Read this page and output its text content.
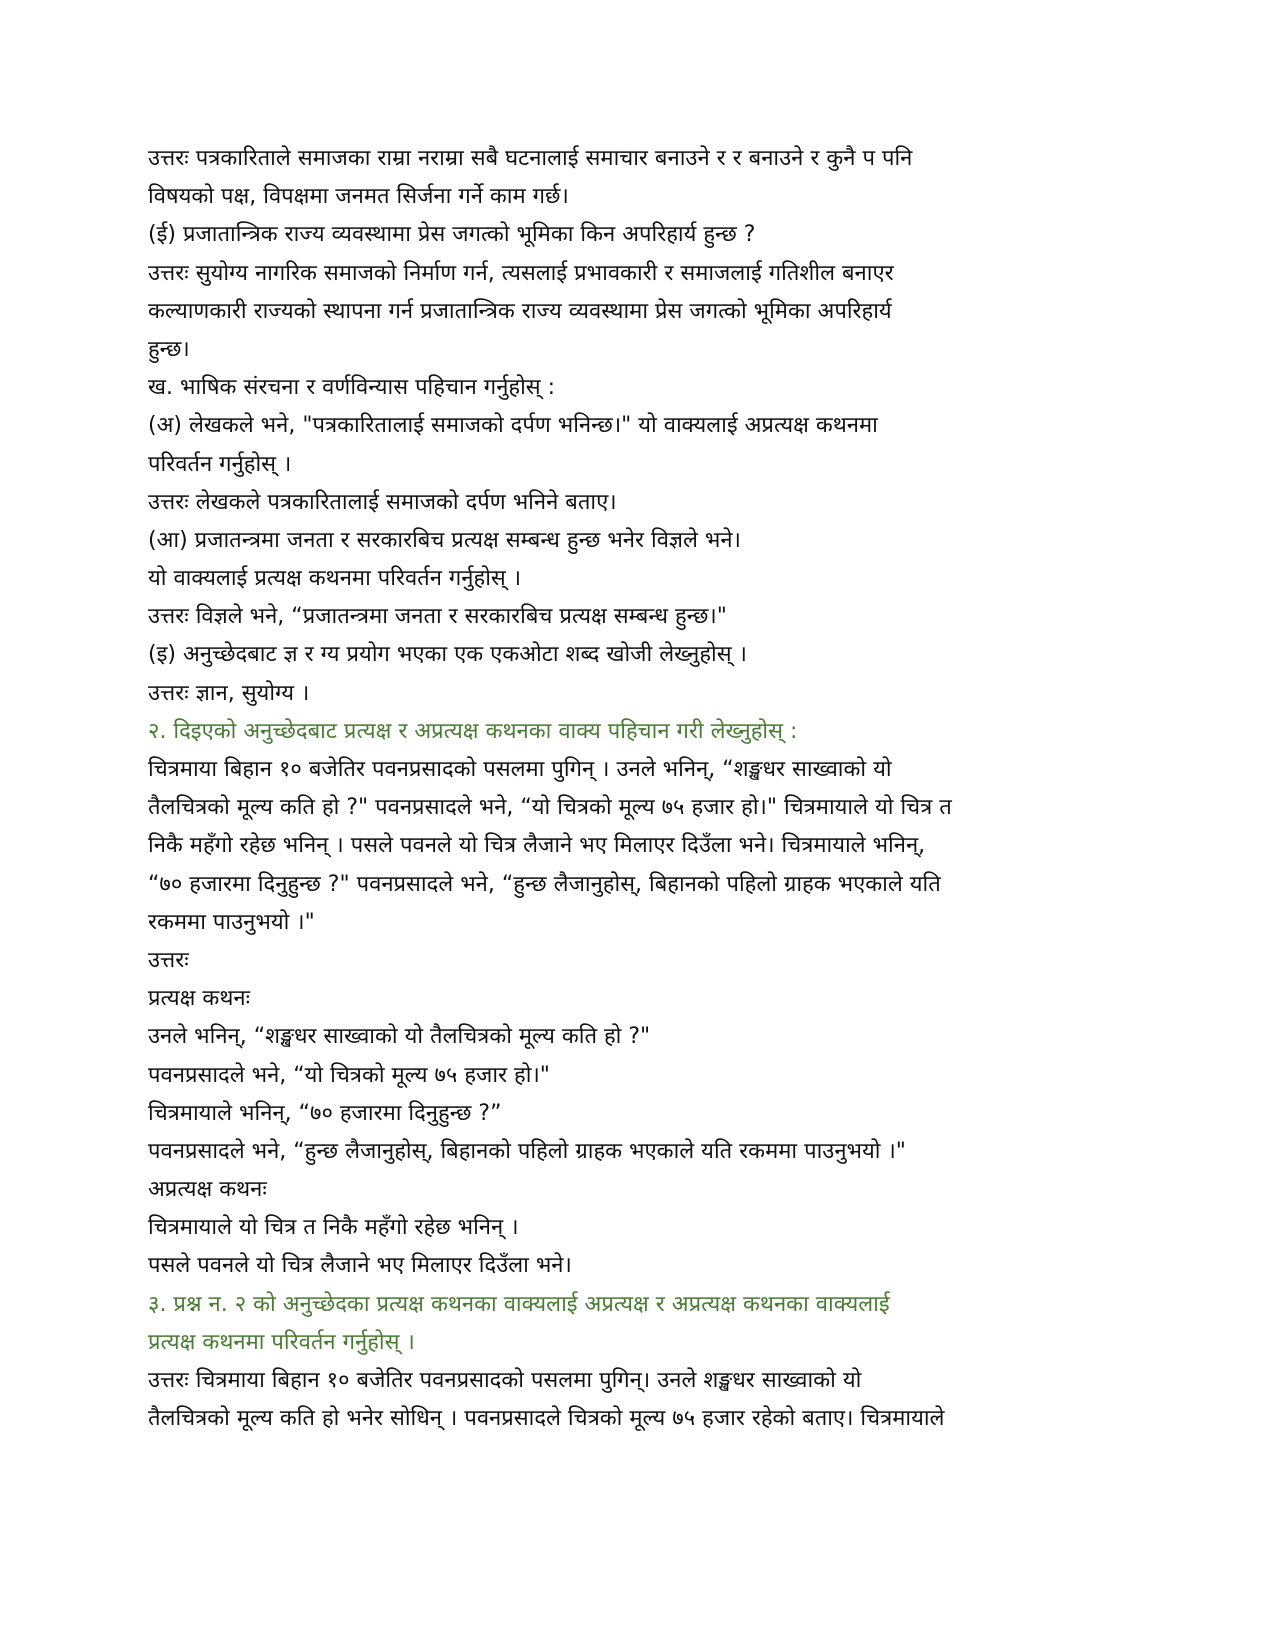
उत्तरः पत्रकारिताले समाजका राम्रा नराम्रा सबै घटनालाई समाचार बनाउने र र बनाउने र कुनै प पनि
विषयको पक्ष, विपक्षमा जनमत सिर्जना गर्ने काम गर्छ।
(ई) प्रजातान्त्रिक राज्य व्यवस्थामा प्रेस जगत्को भूमिका किन अपरिहार्य हुन्छ ?
उत्तरः सुयोग्य नागरिक समाजको निर्माण गर्न, त्यसलाई प्रभावकारी र समाजलाई गतिशील बनाएर
कल्याणकारी राज्यको स्थापना गर्न प्रजातान्त्रिक राज्य व्यवस्थामा प्रेस जगत्को भूमिका अपरिहार्य
हुन्छ।
ख. भाषिक संरचना र वर्णविन्यास पहिचान गर्नुहोस् :
(अ) लेखकले भने, "पत्रकारितालाई समाजको दर्पण भनिन्छ।" यो वाक्यलाई अप्रत्यक्ष कथनमा
परिवर्तन गर्नुहोस् ।
उत्तरः लेखकले पत्रकारितालाई समाजको दर्पण भनिने बताए।
(आ) प्रजातन्त्रमा जनता र सरकारबिच प्रत्यक्ष सम्बन्ध हुन्छ भनेर विज्ञले भने।
यो वाक्यलाई प्रत्यक्ष कथनमा परिवर्तन गर्नुहोस् ।
उत्तरः विज्ञले भने, “प्रजातन्त्रमा जनता र सरकारबिच प्रत्यक्ष सम्बन्ध हुन्छ।"
(इ) अनुच्छेदबाट ज्ञ र ग्य प्रयोग भएका एक एकओटा शब्द खोजी लेख्नुहोस् ।
उत्तरः ज्ञान, सुयोग्य ।
२. दिइएको अनुच्छेदबाट प्रत्यक्ष र अप्रत्यक्ष कथनका वाक्य पहिचान गरी लेख्नुहोस् :
चित्रमाया बिहान १० बजेतिर पवनप्रसादको पसलमा पुगिन् । उनले भनिन्, “शङ्खधर साख्वाको यो
तैलचित्रको मूल्य कति हो ?" पवनप्रसादले भने, “यो चित्रको मूल्य ७५ हजार हो।" चित्रमायाले यो चित्र त
निकै महँगो रहेछ भनिन् । पसले पवनले यो चित्र लैजाने भए मिलाएर दिउँला भने। चित्रमायाले भनिन्,
“७० हजारमा दिनुहुन्छ ?" पवनप्रसादले भने, “हुन्छ लैजानुहोस्, बिहानको पहिलो ग्राहक भएकाले यति
रकममा पाउनुभयो ।"
उत्तरः
प्रत्यक्ष कथनः
उनले भनिन्, “शङ्खधर साख्वाको यो तैलचित्रको मूल्य कति हो ?"
पवनप्रसादले भने, “यो चित्रको मूल्य ७५ हजार हो।"
चित्रमायाले भनिन्, “७० हजारमा दिनुहुन्छ ?”
पवनप्रसादले भने, “हुन्छ लैजानुहोस्, बिहानको पहिलो ग्राहक भएकाले यति रकममा पाउनुभयो ।"
अप्रत्यक्ष कथनः
चित्रमायाले यो चित्र त निकै महँगो रहेछ भनिन् ।
पसले पवनले यो चित्र लैजाने भए मिलाएर दिउँला भने।
३. प्रश्न न. २ को अनुच्छेदका प्रत्यक्ष कथनका वाक्यलाई अप्रत्यक्ष र अप्रत्यक्ष कथनका वाक्यलाई
प्रत्यक्ष कथनमा परिवर्तन गर्नुहोस् ।
उत्तरः चित्रमाया बिहान १० बजेतिर पवनप्रसादको पसलमा पुगिन्। उनले शङ्खधर साख्वाको यो
तैलचित्रको मूल्य कति हो भनेर सोधिन् । पवनप्रसादले चित्रको मूल्य ७५ हजार रहेको बताए। चित्रमायाले
